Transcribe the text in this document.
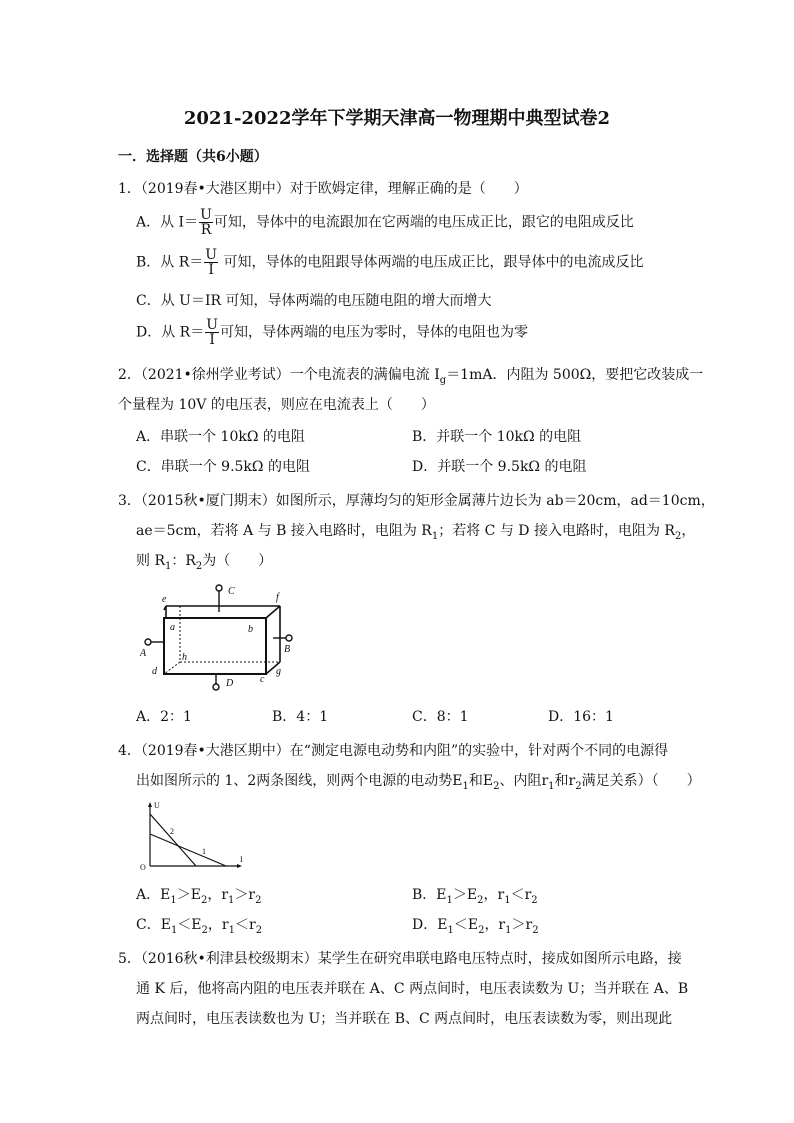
2021-2022学年下学期天津高一物理期中典型试卷2
一．选择题（共6小题）
1．（2019春•大港区期中）对于欧姆定律，理解正确的是（　　）
A．从 $I= \frac{U}{R}$ 可知，导体中的电流跟加在它两端的电压成正比，跟它的电阻成反比
B．从 $R= \frac{U}{I}$ 可知，导体的电阻跟导体两端的电压成正比，跟导体中的电流成反比
C．从 U＝IR 可知，导体两端的电压随电阻的增大而增大
D．从 $R= \frac{U}{I}$ 可知，导体两端的电压为零时，导体的电阻也为零
2．（2021•徐州学业考试）一个电流表的满偏电流 $I_g=1mA$．内阻为 500Ω，要把它改装成一
个量程为 10V 的电压表，则应在电流表上（　　）
A．串联一个 10kΩ 的电阻	B．并联一个 10kΩ 的电阻
C．串联一个 9.5kΩ 的电阻	D．并联一个 9.5kΩ 的电阻
3．（2015秋•厦门期末）如图所示，厚薄均匀的矩形金属薄片边长为 ab＝20cm，ad＝10cm，
ae＝5cm，若将 A 与 B 接入电路时，电阻为 $R_1$；若将 C 与 D 接入电路时，电阻为 $R_2$，
则 $R_1$：$R_2$为（　　）
C
A	B
D
e	f
a	b
h
d
c
g
A．2：1	B．4：1	C．8：1	D．16：1
4．（2019春•大港区期中）在“测定电源电动势和内阻”的实验中，针对两个不同的电源得
出如图所示的 1、2两条图线，则两个电源的电动势$E_1$和$E_2$、内阻$r_1$和$r_2$满足关系）（　　）
U
O
I
2
1
A．$E_1>E_2$，$r_1>r_2$	B．$E_1>E_2$，$r_1<r_2$
C．$E_1<E_2$，$r_1<r_2$	D．$E_1<E_2$，$r_1>r_2$
5．（2016秋•利津县校级期末）某学生在研究串联电路电压特点时，接成如图所示电路，接
通 K 后，他将高内阻的电压表并联在 A、C 两点间时，电压表读数为 U；当并联在 A、B
两点间时，电压表读数也为 U；当并联在 B、C 两点间时，电压表读数为零，则出现此
